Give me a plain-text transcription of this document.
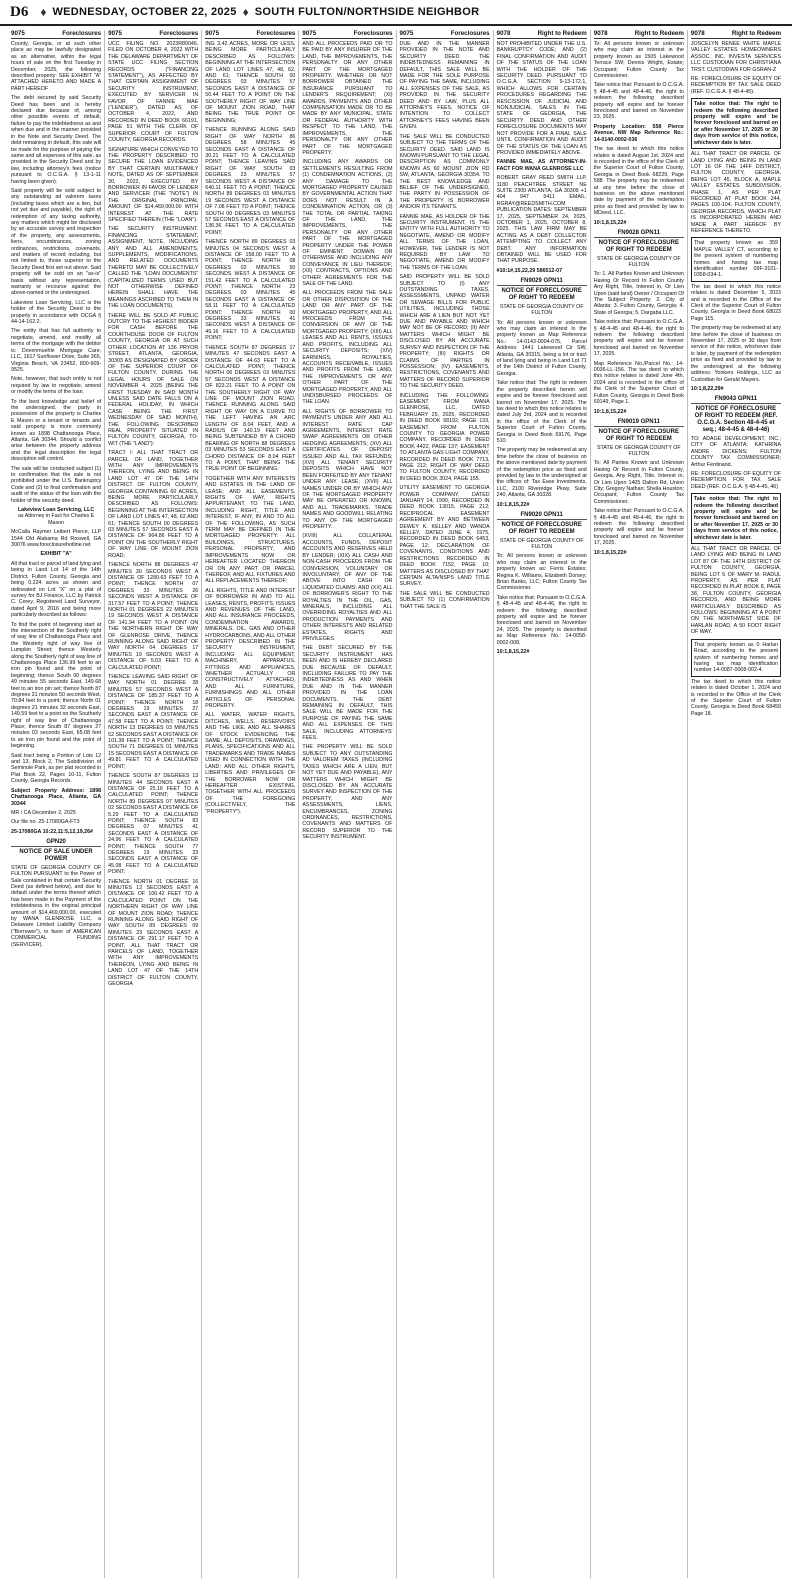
D6 ♦ WEDNESDAY, OCTOBER 22, 2025 ♦ SOUTH FULTON/NORTHSIDE NEIGHBOR
9075	Foreclosures

County, Georgia, or at such other place as may be lawfully designated as an alternative, within the legal hours of sale on the first Tuesday in December, 2025, the following described property: SEE EXHIBIT "A" ATTACHED HERETO AND MADE A PART HEREOF

The debt secured by said Security Deed has been and is hereby declared due because of, among other possible events of default, failure to pay the indebtedness as and when due and in the manner provided in the Note and Security Deed. The debt remaining in default, this sale will be made for the purpose of paying the same and all expenses of this sale, as provided in the Security Deed and by law, including attorney's fees (notice pursuant to O.C.G.A. § 13-1-11 having been given).

Said property will be sold subject to any outstanding ad valorem taxes (including taxes which are a lien, but not yet due and payable), the right of redemption of any taxing authority, any matters which might be disclosed by an accurate survey and inspection of the property, any assessments, liens, encumbrances, zoning ordinances, restrictions, covenants, and matters of record including, but not limited to, those superior to the Security Deed first set out above. Said property will be sold on an "as-is" basis without any representation, warranty or recourse against the above-named or the undersigned.

Lakeview Loan Servicing, LLC is the holder of the Security Deed to the property in accordance with OCGA § 44-14-162.2.

The entity that has full authority to negotiate, amend, and modify all terms of the mortgage with the debtor is: Dovenmuehle Mortgage Care, LLC, 1617 Sunflower Drive, Suite 365, Virginia Beach, VA 23452, 800-909-9525.

Note, however, that such entity is not required by law to negotiate, amend or modify the terms of the loan.

To the best knowledge and belief of the undersigned, the party in possession of the property is Charles E Mason or a tenant or tenants and said property is more commonly known as 1898 Chattanooga Place, Atlanta, GA 30344. Should a conflict arise between the property address and the legal description the legal description will control.

The sale will be conducted subject (1) to confirmation that the sale is not prohibited under the U.S. Bankruptcy Code and (2) to final confirmation and audit of the status of the loan with the holder of the security deed.

Lakeview Loan Servicing, LLC

as Attorney in Fact for Charles E Mason

McCalla Raymer Leibert Pierce, LLP 1544 Old Alabama Rd Roswell, GA 30076 www.foreclosurehotline.net

EXHIBIT "A"

All that tract or parcel of land lying and being in Land Lot 14 of the 14th District, Fulton County, Georgia and being 0.224 acres as shown and delineated on Lot "X" on a plat of survey for BJ Finance, LLC by Patrick C. Corey, Registered Land Surveyor, dated April 9, 2016 and being more particularly described as follows:

To find the point of beginning start at the intersection of the Southerly right of way line of Chattanooga Place and the Westerly right of way line of Lumpkin Street; thence Westerly along the Southerly right of way line of Chattanooga Place 136.99 feet to an iron pin found and the point of beginning; thence South 00 degrees 49 minutes 55 seconds East, 149.68 feet to an iron pin set; thence North 87 degrees 31 minutes 50 seconds West, 70.84 feet to a point; thence North 01 degrees 21 minutes 32 seconds East, 149.59 feet to a point on the Southerly right of way line of Chattanooga Place; thence South 87 degrees 27 minutes 03 seconds East, 65.08 feet to an iron pin found and the point of beginning.

Said tract being a Portion of Lots 12 and 13, Block 2, The Subdivision of Seminole Park, as per plat recorded in Plat Book 22, Pages 10-11, Fulton County, Georgia Records.

Subject Property Address: 1898 Chattanooga Place, Atlanta, GA 30344

MR / CA December 2, 2025

Our file no. 25-17080GA-FT3

25-17080GA 10:22,11:5,12,19,26#

GPN20
NOTICE OF SALE UNDER POWER

STATE OF GEORGIA COUNTY OF FULTON PURSUANT to the Power of Sale contained in that certain Security Deed (as defined below), and due to default under the terms thereof which has been made in the Payment of the indebtedness in the original principal amount of $14,469,000.00, executed by WANA GLENROSE LLC, a Delaware Limited Liability Company ("Borrower"), in favor of AMERICAN COMMERCIAL FUNDING (SERVICER).

9075	Foreclosures

UCC FILING NO. 2023R80046, FILED ON OCTOBER 4, 2022 WITH THE DELAWARE DEPARTMENT OF STATE UCC FILING SECTION RECORDS ("FINANCING STATEMENT"), AS AFFECTED BY THAT CERTAIN ASSIGNMENT OF SECURITY INSTRUMENT, EXECUTED BY SERVICER IN FAVOR OF FANNIE MAE ("LENDER"), DATED AS OF OCTOBER 4, 2022, AND RECORDED IN DEED BOOK 66191, PAGE 51 WITH THE CLERK OF SUPERIOR COURT OF FULTON COUNTY, GEORGIA RECORDS.

SIGNATURE WHICH CONVEYED TO THE PROPERTY DESCRIBED TO SECURE THE LOAN EVIDENCED BY THAT CERTAIN MULTIFAMILY NOTE, DATED AS OF SEPTEMBER 30, 2022, EXECUTED BY BORROWER IN FAVOR OF LENDER AND SERVICER (THE "NOTE") IN THE ORIGINAL PRINCIPAL AMOUNT OF $14,469,000.00 WITH INTEREST AT THE RATE SPECIFIED THEREIN (THE "LOAN").

THE SECURITY INSTRUMENT, FINANCING STATEMENT, ASSIGNMENT, NOTE, INCLUDING ANY AND ALL AMENDMENTS, SUPPLEMENTS, MODIFICATIONS, AND RELATED DOCUMENTS THERETO MAY BE COLLECTIVELY CALLED THE "LOAN DOCUMENTS" (CAPITALIZED TERMS USED BUT NOT OTHERWISE DEFINED HEREIN SHALL HAVE THE MEANINGS ASCRIBED TO THEM IN THE LOAN DOCUMENTS).

THERE WILL BE SOLD AT PUBLIC OUTCRY TO THE HIGHEST BIDDER FOR CASH BEFORE THE COURTHOUSE DOOR OF FULTON COUNTY, GEORGIA OR AT SUCH OTHER LOCATION AT 136 PRYOR STREET, ATLANTA, GEORGIA, 30303 AS DESIGNATED BY ORDER OF THE SUPERIOR COURT OF FULTON COUNTY, DURING THE LEGAL HOURS OF SALE ON NOVEMBER 4, 2025 (BEING THE FIRST TUESDAY IN SAID MONTH UNLESS SAID DATE FALLS ON A FEDERAL HOLIDAY, IN WHICH CASE BEING THE FIRST WEDNESDAY OF SAID MONTH), THE FOLLOWING DESCRIBED REAL PROPERTY SITUATED IN FULTON COUNTY, GEORGIA, TO-WIT (THE "LAND"):

TRACT I: ALL THAT TRACT OR PARCEL OF LAND, TOGETHER WITH ANY IMPROVEMENTS THEREON, LYING AND BEING IN LAND LOT 47 OF THE 14TH DISTRICT OF FULTON COUNTY, GEORGIA CONTAINING 60 ACRES, BEING MORE PARTICULARLY DESCRIBED AS FOLLOWS: BEGINNING AT THE INTERSECTION OF LAND LOT LINES 47, 48, 62 AND 61; THENCE SOUTH 00 DEGREES 03 MINUTES 57 SECONDS EAST A DISTANCE OF 964.86 FEET TO A POINT ON THE SOUTHERLY RIGHT OF WAY LINE OF MOUNT ZION ROAD;

THENCE NORTH 88 DEGREES 47 MINUTES 30 SECONDS WEST A DISTANCE OF 1280.63 FEET TO A POINT; THENCE NORTH 07 DEGREES 33 MINUTES 26 SECONDS WEST A DISTANCE OF 317.57 FEET TO A POINT; THENCE NORTH 01 DEGREES 22 MINUTES 19 SECONDS WEST A DISTANCE OF 141.94 FEET TO A POINT ON THE NORTHERN RIGHT OF WAY OF GLENROSE DRIVE, THENCE RUNNING ALONG SAID RIGHT OF WAY NORTH 04 DEGREES 17 MINUTES 19 SECONDS WEST A DISTANCE OF 5.03 FEET TO A CALCULATED POINT;

THENCE LEAVING SAID RIGHT OF WAY NORTH 01 DEGREE 28 MINUTES 57 SECONDS WEST A DISTANCE OF 185.37 FEET TO A POINT; THENCE NORTH 18 DEGREES 19 MINUTES 27 SECONDS EAST A DISTANCE OF 47.58 FEET TO A POINT; THENCE NORTH 13 DEGREES 03 MINUTES 52 SECONDS EAST A DISTANCE OF 101.38 FEET TO A POINT; THENCE SOUTH 71 DEGREES 01 MINUTES 15 SECONDS EAST A DISTANCE OF 49.81 FEET TO A CALCULATED POINT;

THENCE SOUTH 87 DEGREES 13 MINUTES 44 SECONDS EAST A DISTANCE OF 25.16 FEET TO A CALCULATED POINT; THENCE NORTH 89 DEGREES 07 MINUTES 02 SECONDS EAST A DISTANCE OF 5.29 FEET TO A CALCULATED POINT; THENCE SOUTH 83 DEGREES 07 MINUTES 41 SECONDS EAST A DISTANCE OF 24.96 FEET TO A CALCULATED POINT; THENCE SOUTH 77 DEGREES 19 MINUTES 23 SECONDS EAST A DISTANCE OF 45.08 FEET TO A CALCULATED POINT;

THENCE NORTH 01 DEGREE 16 MINUTES 12 SECONDS EAST A DISTANCE OF 100.42 FEET TO A CALCULATED POINT ON THE NORTHERN RIGHT OF WAY LINE OF MOUNT ZION ROAD; THENCE RUNNING ALONG SAID RIGHT OF WAY SOUTH 89 DEGREES 09 MINUTES 23 SECONDS EAST A DISTANCE OF 291.17 FEET TO A POINT, ALL THAT TRACT OR PARCELS OF LAND, TOGETHER WITH ANY IMPROVEMENTS THEREON, LYING AND BEING IN LAND LOT 47 OF THE 14TH DISTRICT OF FULTON COUNTY, GEORGIA

9075	Foreclosures

ING 3.42 ACRES, MORE OR LESS, BEING MORE PARTICULARLY DESCRIBED AS FOLLOWS: BEGINNING AT THE INTERSECTION OF LAND LOT LINES 47, 48, 62, AND 61; THENCE SOUTH 00 DEGREES 03 MINUTES 57 SECONDS EAST A DISTANCE OF 50.44 FEET TO A POINT ON THE SOUTHERLY RIGHT OF WAY LINE OF MOUNT ZION ROAD, THAT BEING THE TRUE POINT OF BEGINNING;

THENCE RUNNING ALONG SAID RIGHT OF WAY NORTH 86 DEGREES 58 MINUTES 45 SECONDS EAST A DISTANCE OF 30.21 FEET TO A CALCULATED POINT; THENCE LEAVING SAID RIGHT OF WAY SOUTH 03 DEGREES 23 MINUTES 57 SECONDS WEST A DISTANCE OF 640.11 FEET TO A POINT; THENCE NORTH 89 DEGREES 03 MINUTES 19 SECONDS WEST A DISTANCE OF 7.08 FEET TO A POINT; THENCE SOUTH 00 DEGREES 03 MINUTES 57 SECONDS EAST A DISTANCE OF 136.36 FEET TO A CALCULATED POINT;

THENCE NORTH 89 DEGREES 03 MINUTES 04 SECONDS WEST A DISTANCE OF 158.00 FEET TO A POINT; THENCE NORTH 08 DEGREES 02 MINUTES 50 SECONDS WEST A DISTANCE OF 151.42 FEET TO A CALCULATED POINT; THENCE NORTH 23 DEGREES 03 MINUTES 45 SECONDS EAST A DISTANCE OF 58.11 FEET TO A CALCULATED POINT; THENCE NORTH 00 DEGREES 33 MINUTES 41 SECONDS WEST A DISTANCE OF 49.16 FEET TO A CALCULATED POINT;

THENCE SOUTH 87 DEGREES 17 MINUTES 47 SECONDS EAST A DISTANCE OF 44.63 FEET TO A CALCULATED POINT; THENCE NORTH 06 DEGREES 03 MINUTES 57 SECONDS WEST A DISTANCE OF 823.21 FEET TO A POINT ON THE SOUTHERLY RIGHT OF WAY LINE OF MOUNT ZION ROAD, THENCE RUNNING ALONG SAID RIGHT OF WAY ON A CURVE TO THE LEFT HAVING AN ARC LENGTH OF 8.04 FEET, AND A RADIUS OF 140.19 FEET AND BEING SUBTENDED BY A CHORD BEARING OF NORTH 88 DEGREES 03 MINUTES 53 SECONDS EAST A CHORD DISTANCE OF 8.04 FEET TO A POINT, THAT BEING THE TRUE POINT OF BEGINNING.

TOGETHER WITH ANY INTERESTS AND ESTATES IN THE LAND OF LEASE; AND ALL EASEMENTS, RIGHTS OF WAY, RIGHTS APPURTENANT TO THE LAND, INCLUDING RIGHT, TITLE AND INTEREST, IF ANY, IN AND TO ALL OF THE FOLLOWING, AS SUCH TERM MAY BE DEFINED IN THE MORTGAGED PROPERTY: ALL BUILDINGS, STRUCTURES, PERSONAL PROPERTY, AND IMPROVEMENTS NOW OR HEREAFTER LOCATED THEREON OR ON ANY PART OR PARCEL THEREOF, AND ALL FIXTURES AND ALL REPLACEMENTS THEREOF;

ALL RIGHTS, TITLE AND INTEREST OF BORROWER IN AND TO ALL LEASES, RENTS, PROFITS, ISSUES AND REVENUES OF THE LAND, AND ALL INSURANCE PROCEEDS, CONDEMNATION AWARDS, MINERALS, OIL, GAS AND OTHER HYDROCARBONS, AND ALL OTHER PROPERTY DESCRIBED IN THE SECURITY INSTRUMENT, INCLUDING ALL EQUIPMENT, MACHINERY, APPARATUS, FITTINGS AND APPLIANCES, WHETHER ACTUALLY OR CONSTRUCTIVELY ATTACHED, AND ALL FURNITURE, FURNISHINGS AND ALL OTHER ARTICLES OF PERSONAL PROPERTY.

ALL WATER, WATER RIGHTS, DITCHES, WELLS, RESERVOIRS AND THE LIKE, AND ALL SHARES OF STOCK EVIDENCING THE SAME; ALL DEPOSITS, DRAWINGS, PLANS, SPECIFICATIONS AND ALL TRADEMARKS AND TRADE NAMES USED IN CONNECTION WITH THE LAND; AND ALL OTHER RIGHTS, LIBERTIES AND PRIVILEGES OF THE BORROWER NOW OR HEREAFTER EXISTING, TOGETHER WITH ALL PROCEEDS OF THE FOREGOING (COLLECTIVELY, THE "PROPERTY").

9075	Foreclosures

AND ALL PROCEEDS PAID OR TO BE PAID BY ANY INSURER OF THE LAND, THE IMPROVEMENTS, THE PERSONALTY OR ANY OTHER PART OF THE MORTGAGED PROPERTY, WHETHER OR NOT BORROWER OBTAINED THE INSURANCE PURSUANT TO LENDER'S REQUIREMENT; (XI) AWARDS, PAYMENTS AND OTHER COMPENSATION MADE OR TO BE MADE BY ANY MUNICIPAL, STATE OR FEDERAL AUTHORITY WITH RESPECT TO THE LAND, THE IMPROVEMENTS, THE PERSONALTY OR ANY OTHER PART OF THE MORTGAGED PROPERTY.

INCLUDING ANY AWARDS OR SETTLEMENTS RESULTING FROM (1) CONDEMNATION ACTIONS, (2) ANY DAMAGE TO THE MORTGAGED PROPERTY CAUSED BY GOVERNMENTAL ACTION THAT DOES NOT RESULT IN A CONDEMNATION ACTION, OR (3) THE TOTAL OR PARTIAL TAKING OF THE LAND, THE IMPROVEMENTS, THE PERSONALTY OR ANY OTHER PART OF THE MORTGAGED PROPERTY UNDER THE POWER OF EMINENT DOMAIN OR OTHERWISE AND INCLUDING ANY CONVEYANCE IN LIEU THEREOF; (XII) CONTRACTS, OPTIONS AND OTHER AGREEMENTS FOR THE SALE OF THE LAND.

ALL PROCEEDS FROM THE SALE OR OTHER DISPOSITION OF THE LAND OR ANY PART OF THE MORTGAGED PROPERTY, AND ALL PROCEEDS FROM THE CONVERSION OF ANY OF THE MORTGAGED PROPERTY; (XIII) ALL LEASES AND ALL RENTS, ISSUES AND PROFITS, INCLUDING ALL SECURITY DEPOSITS; (XIV) EARNINGS, ROYALTIES, ACCOUNTS RECEIVABLE, ISSUES AND PROFITS FROM THE LAND, THE IMPROVEMENTS OR ANY OTHER PART OF THE MORTGAGED PROPERTY, AND ALL UNDISBURSED PROCEEDS OF THE LOAN.

ALL RIGHTS OF BORROWER TO PAYMENTS UNDER ANY AND ALL INTEREST RATE CAP AGREEMENTS, INTEREST RATE SWAP AGREEMENTS OR OTHER HEDGING AGREEMENTS; (XV) ALL CERTIFICATES OF DEPOSIT ISSUED AND ALL TAX REFUNDS; (XVI) ALL TENANT SECURITY DEPOSITS WHICH HAVE NOT BEEN FORFEITED BY ANY TENANT UNDER ANY LEASE; (XVII) ALL NAMES UNDER OR BY WHICH ANY OF THE MORTGAGED PROPERTY MAY BE OPERATED OR KNOWN, AND ALL TRADEMARKS, TRADE NAMES AND GOODWILL RELATING TO ANY OF THE MORTGAGED PROPERTY.

(XVIII) ALL COLLATERAL ACCOUNTS, FUNDS, DEPOSIT ACCOUNTS AND RESERVES HELD BY LENDER; (XIX) ALL CASH AND NON-CASH PROCEEDS FROM THE CONVERSION, VOLUNTARY OR INVOLUNTARY, OF ANY OF THE ABOVE INTO CASH OR LIQUIDATED CLAIMS; AND (XX) ALL OF BORROWER'S RIGHT TO THE ROYALTIES IN THE OIL, GAS, MINERALS, INCLUDING ALL OVERRIDING ROYALTIES AND ALL PRODUCTION PAYMENTS AND OTHER INTERESTS AND RELATED ESTATES, RIGHTS AND PRIVILEGES.

THE DEBT SECURED BY THE SECURITY INSTRUMENT HAS BEEN AND IS HEREBY DECLARED DUE BECAUSE OF DEFAULT, INCLUDING FAILURE TO PAY THE INDEBTEDNESS AS AND WHEN DUE AND IN THE MANNER PROVIDED IN THE LOAN DOCUMENTS. THE DEBT REMAINING IN DEFAULT, THIS SALE WILL BE MADE FOR THE PURPOSE OF PAYING THE SAME AND ALL EXPENSES OF THIS SALE, INCLUDING ATTORNEYS' FEES.

THE PROPERTY WILL BE SOLD SUBJECT TO ANY OUTSTANDING AD VALOREM TAXES (INCLUDING TAXES WHICH ARE A LIEN, BUT NOT YET DUE AND PAYABLE), ANY MATTERS WHICH MIGHT BE DISCLOSED BY AN ACCURATE SURVEY AND INSPECTION OF THE PROPERTY, AND ANY ASSESSMENTS, LIENS, ENCUMBRANCES, ZONING ORDINANCES, RESTRICTIONS, COVENANTS AND MATTERS OF RECORD SUPERIOR TO THE SECURITY INSTRUMENT.

9075	Foreclosures

DUE AND IN THE MANNER PROVIDED IN THE NOTE AND SECURITY DEED. THE INDEBTEDNESS REMAINING IN DEFAULT, THIS SALE WILL BE MADE FOR THE SOLE PURPOSE OF PAYING THE SAME, INCLUDING ALL EXPENSES OF THE SALE, AS PROVIDED IN THE SECURITY DEED AND BY LAW, PLUS ALL ATTORNEY'S FEES, NOTICE OF INTENTION TO COLLECT ATTORNEY'S FEES HAVING BEEN GIVEN.

THE SALE WILL BE CONDUCTED SUBJECT TO THE TERMS OF THE SECURITY DEED. SAID LAND IS KNOWN PURSUANT TO THE LEGAL DESCRIPTION AS COMMONLY KNOWN AS 60 MOUNT ZION RD SW, ATLANTA, GEORGIA 30354. TO THE BEST KNOWLEDGE AND BELIEF OF THE UNDERSIGNED, THE PARTY IN POSSESSION OF THE PROPERTY IS BORROWER AND/OR ITS TENANTS.

FANNIE MAE, AS HOLDER OF THE SECURITY INSTRUMENT, IS THE ENTITY WITH FULL AUTHORITY TO NEGOTIATE, AMEND OR MODIFY ALL TERMS OF THE LOAN, HOWEVER, THE LENDER IS NOT REQUIRED BY LAW TO NEGOTIATE, AMEND OR MODIFY THE TERMS OF THE LOAN.

SAID PROPERTY WILL BE SOLD SUBJECT TO (I) ANY OUTSTANDING TAXES, ASSESSMENTS, UNPAID WATER OR SEWAGE BILLS FOR PUBLIC UTILITIES, INCLUDING THOSE WHICH ARE A LIEN BUT NOT YET DUE AND PAYABLE AND WHICH MAY NOT BE OF RECORD; (II) ANY MATTERS WHICH MIGHT BE DISCLOSED BY AN ACCURATE SURVEY AND INSPECTION OF THE PROPERTY; (III) RIGHTS OR CLAIMS OF PARTIES IN POSSESSION; (IV) EASEMENTS, RESTRICTIONS, COVENANTS AND MATTERS OF RECORD SUPERIOR TO THE SECURITY DEED.

INCLUDING THE FOLLOWING: EASEMENT FROM WANA GLENROSE, LLC, DATED FEBRUARY 25, 2025, RECORDED IN DEED BOOK 68192, PAGE 133, EASEMENT FROM FULTON COUNTY TO GEORGIA POWER COMPANY, RECORDED IN DEED BOOK 4422, PAGE 137; EASEMENT TO ATLANTA GAS LIGHT COMPANY, RECORDED IN DEED BOOK 7713, PAGE 212; RIGHT OF WAY DEED TO FULTON COUNTY, RECORDED IN DEED BOOK 3024, PAGE 155.

UTILITY EASEMENT TO GEORGIA POWER COMPANY, DATED JANUARY 14, 1990, RECORDED IN DEED BOOK 13015, PAGE 212; RECIPROCAL EASEMENT AGREEMENT BY AND BETWEEN DEWEY K. KELLEY AND WANDA KELLEY, DATED JUNE 4, 1975, RECORDED IN DEED BOOK 6453, PAGE 12; DECLARATION OF COVENANTS, CONDITIONS AND RESTRICTIONS RECORDED IN DEED BOOK 7152, PAGE 10; MATTERS AS DISCLOSED BY THAT CERTAIN ALTA/NSPS LAND TITLE SURVEY.

THE SALE WILL BE CONDUCTED SUBJECT TO (1) CONFIRMATION THAT THE SALE IS

9078	Right to Redeem

NOT PROHIBITED UNDER THE U.S. BANKRUPTCY CODE; AND (2) FINAL CONFIRMATION AND AUDIT OF THE STATUS OF THE LOAN WITH THE HOLDER OF THE SECURITY DEED. PURSUANT TO O.C.G.A. SECTION 9-13-172.1, WHICH ALLOWS FOR CERTAIN PROCEDURES REGARDING THE RESCISSION OF JUDICIAL AND NONJUDICIAL SALES IN THE STATE OF GEORGIA, THE SECURITY DEED AND OTHER FORECLOSURE DOCUMENTS MAY NOT PROVIDE FOR A FINAL SALE UNTIL CONFIRMATION AND AUDIT OF THE STATUS OF THE LOAN AS PROVIDED IMMEDIATELY ABOVE.

FANNIE MAE, AS ATTORNEY-IN-FACT FOR WANA GLENROSE LLC

ROBERT GRAY REED SMITH LLP, 1180 PEACHTREE STREET NE SUITE 2300 ATLANTA, GA 30309 +1 404 947 5411 EMAIL: RGRAY@REEDSMITH.COM PUBLICATION DATES: SEPTEMBER 17, 2025, SEPTEMBER 24, 2025, OCTOBER 1, 2025, OCTOBER 8, 2025. THIS LAW FIRM MAY BE ACTING AS A DEBT COLLECTOR ATTEMPTING TO COLLECT ANY DEBT. ANY INFORMATION OBTAINED WILL BE USED FOR THAT PURPOSE.

#10:1#,15,22,29 586512-07

FN9029 GPN11
NOTICE OF FORECLOSURE OF RIGHT TO REDEEM

STATE OF GEORGIA COUNTY OF FULTON

To: All persons known or unknown who may claim an interest in the property known as Map Reference No.: 14-0143-0004-075, Parcel Address: 1441 Lakewood Cir SW, Atlanta, GA 30315, being a lot or tract of land lying and being in Land Lot 71 of the 14th District of Fulton County, Georgia.

Take notice that: The right to redeem the property described herein will expire and be forever foreclosed and barred on November 17, 2025. The tax deed to which this notice relates is dated July 3rd, 2024 and is recorded in the office of the Clerk of the Superior Court of Fulton County, Georgia in Deed Book 69176, Page 510.

The property may be redeemed at any time before the close of business on the above mentioned date by payment of the redemption price as fixed and provided by law to the undersigned at the offices of: Tax Ease Investments, LLC, 2100 Riveredge Pkwy, Suite 240, Atlanta, GA 30328.

10:1,8,15,22#

FN9020 GPN11
NOTICE OF FORECLOSURE OF RIGHT TO REDEEM

STATE OF GEORGIA COUNTY OF FULTON

To: All persons known or unknown who may claim an interest in the property known as: Ferris Estates; Regina K. Williams, Elizabeth Dorsey; Brian Banks, LLC; Fulton County Tax Commissioner.

Take notice that: Pursuant to O.C.G.A. § 48-4-45 and 48-4-46, the right to redeem the following described property will expire and be forever foreclosed and barred on November 24, 2025. The property is described as Map Reference No.: 14-0058-0002-008.

10:1,8,15,22#

9078	Right to Redeem

To: All persons known or unknown who may claim an interest in the property known as 1505 Lakewood Terrace SW; Dennis Wright, Estate; Occupant; Fulton County Tax Commissioner.

Take notice that: Pursuant to O.C.G.A. § 48-4-45 and 48-4-46, the right to redeem the following described property will expire and be forever foreclosed and barred on November 23, 2025.

Property Location: 558 Pierce Avenue, NW Map Reference No.: 14-0140-0002-036

The tax deed to which this notice relates is dated August 1st, 2024 and is recorded in the office of the Clerk of the Superior Court of Fulton County, Georgia in Deed Book 68229, Page 588. The property may be redeemed at any time before the close of business on the above mentioned date by payment of the redemption price as fixed and provided by law to MDeed, LLC.

10:1,8,15,22#

FN9028 GPN11
NOTICE OF FORECLOSURE OF RIGHT TO REDEEM

STATE OF GEORGIA COUNTY OF FULTON

To: 1. All Parties Known and Unknown Having Or Record In Fulton County Any Right, Title, Interest in, Or Lien Upon (said land) Owner / Occupant Of The Subject Property; 2. City of Atlanta; 3. Fulton County, Georgia; 4. State of Georgia; 5. Dargaba LLC.

Take notice that: Pursuant to O.C.G.A. § 48-4-45 and 48-4-46, the right to redeem the following described property will expire and be forever foreclosed and barred on November 17, 2025.

Map Reference No./Parcel No.: 14-0036-LL-156. The tax deed to which this notice relates is dated June 4th, 2024 and is recorded in the office of the Clerk of the Superior Court of Fulton County, Georgia in Deed Book 69149, Page 1.

10:1,8,15,22#

FN9019 GPN11
NOTICE OF FORECLOSURE OF RIGHT TO REDEEM

STATE OF GEORGIA COUNTY OF FULTON

To: All Parties Known and Unknown Having Or Record In Fulton County, Georgia, Any Right, Title, Interest in, Or Lien Upon 1405 Dalton Rd, Union City; Gregory Nathan; Sheila Houston; Occupant; Fulton County Tax Commissioner.

Take notice that: Pursuant to O.C.G.A. § 48-4-45 and 48-4-46, the right to redeem the following described property will expire and be forever foreclosed and barred on November 17, 2025.

10:1,8,15,22#

9078	Right to Redeem

JOSCELYN RENEE WHITE MAPLE VALLEY ESTATES HOMEOWNERS ASSOC. INC. INVESTA SERVICES LLC CUSTODIAN FOR CHRISTIANA TRST. CUSTODIAN FOR GSRAN-Z

RE: FORECLOSURE OF EQUITY OF REDEMPTION BY TAX SALE DEED (REF. O.C.G.A. § 48-4-45).

Take notice that: The right to redeem the following described property will expire and be forever foreclosed and barred on or after November 17, 2025 or 30 days from service of this notice, whichever date is later.

ALL THAT TRACT OR PARCEL OF LAND LYING AND BEING IN LAND LOT 16 OF THE 14FF DISTRICT, FULTON COUNTY, GEORGIA, BEING LOT 45, BLOCK A, MAPLE VALLEY ESTATES SUBDIVISION, PHASE 1, AS PER PLAT RECORDED AT PLAT BOOK 244, PAGES 100-104, FULTON COUNTY, GEORGIA RECORDS, WHICH PLAT IS INCORPORATED HEREIN AND MADE A PART HEREOF BY REFERENCE THERETO.

That property known as 359 MAPLE VALLEY CT, according to the present system of numbering homes and having tax map identification number 09F-3101-0358-034-1.

The tax deed to which this notice relates is dated December 5, 2023 and is recorded in the Office of the Clerk of the Superior Court of Fulton County, Georgia in Deed Book 68023 Page 115.

The property may be redeemed at any time before the close of business on November 17, 2025 or 30 days from service of this notice, whichever date is later, by payment of the redemption price as fixed and provided by law to the undersigned at the following address: Yonkers Holdings, LLC as Custodian for Gerald Mayers.

10:1,8,22,29#

FN9043 GPN11
NOTICE OF FORECLOSURE OF RIGHT TO REDEEM (REF. O.C.G.A. Section 48-4-45 et seq.; 48-4-45 & 48-4-46)

TO: ADAGE DEVELOPMENT, INC.; CITY OF ATLANTA; KATHRINA ANDRE DICKENS; FULTON COUNTY TAX COMMISSIONER; Arthur Ferdinand.

RE: FORECLOSURE OF EQUITY OF REDEMPTION FOR TAX SALE DEED (REF. O.C.G.A. § 48-4-45, 46)

Take notice that: The right to redeem the following described property will expire and be forever foreclosed and barred on or after November 17, 2025 or 30 days from service of this notice, whichever date is later.

ALL THAT TRACT OR PARCEL OF LAND LYING AND BEING IN LAND LOT 87 OF THE 14TH DISTRICT OF FULTON COUNTY, GEORGIA, BEING LOT 5 OF MARY M. RADUL PROPERTY, AS PER PLAT RECORDED IN PLAT BOOK 8, PAGE 38, FULTON COUNTY, GEORGIA RECORDS, AND BEING MORE PARTICULARLY DESCRIBED AS FOLLOWS: BEGINNING AT A POINT ON THE NORTHWEST SIDE OF HARLAN ROAD, A 50 FOOT RIGHT OF WAY.

That property known as 0 Harlan Road, according to the present system of numbering homes and having tax map identification number 14-0087-0008-002-4.

The tax deed to which this notice relates is dated October 1, 2024 and is recorded in the Office of the Clerk of the Superior Court of Fulton County, Georgia in Deed Book 68459 Page 18.
